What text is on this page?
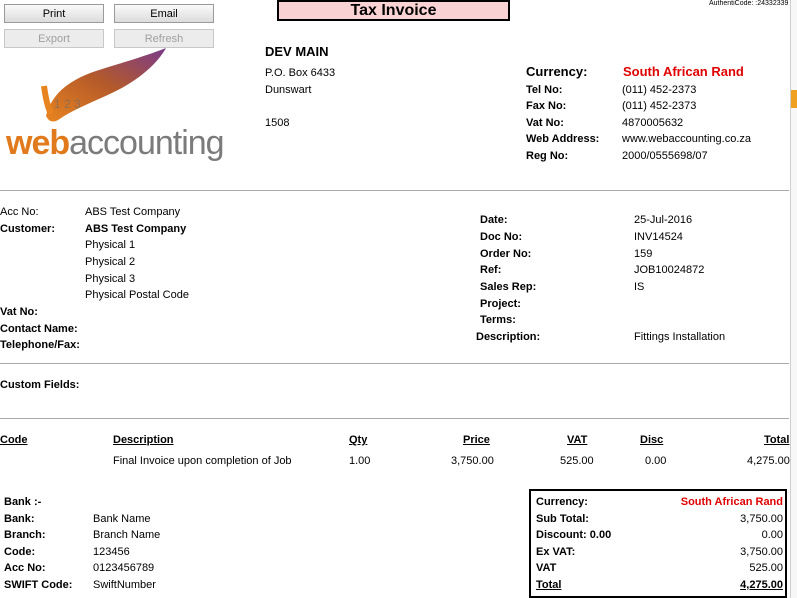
Print	Email
Export	Refresh
Tax Invoice	AuthentiCode: :24332339
1 2 3
webaccounting
DEV MAIN
P.O. Box 6433
Dunswart
1508
Currency:	South African Rand
Tel No:	(011) 452-2373
Fax No:	(011) 452-2373
Vat No:	4870005632
Web Address: www.webaccounting.co.za
Reg No:	2000/0555698/07
Acc No:	ABS Test Company
Customer:	ABS Test Company
Physical 1
Physical 2
Physical 3
Physical Postal Code
Vat No:
Contact Name:
Telephone/Fax:
Date:	25-Jul-2016
Doc No:	INV14524
Order No:	159
Ref:	JOB10024872
Sales Rep:	IS
Project:
Terms:
Description:	Fittings Installation
Custom Fields:
Code	Description	Qty	Price	VAT	Disc	Total
Final Invoice upon completion of Job	1.00	3,750.00	525.00	0.00	4,275.00
Bank :-
Bank:	Bank Name
Branch:	Branch Name
Code:	123456
Acc No:	0123456789
SWIFT Code: SwiftNumber
Currency:	South African Rand
Sub Total:	3,750.00
Discount: 0.00	0.00
Ex VAT:	3,750.00
VAT	525.00
Total	4,275.00
